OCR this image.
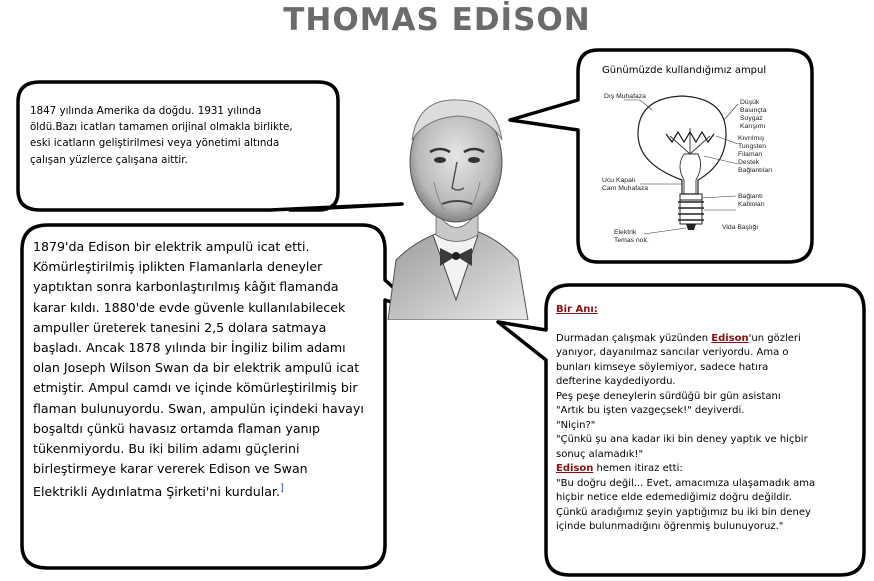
THOMAS EDİSON

1847 yılında Amerika da doğdu. 1931 yılında

öldü.Bazı icatları tamamen orijinal olmakla birlikte,

eski icatların geliştirilmesi veya yönetimi altında

çalışan yüzlerce çalışana aittir.

1879'da Edison bir elektrik ampulü icat etti.

Kömürleştirilmiş iplikten Flamanlarla deneyler

yaptıktan sonra karbonlaştırılmış kâğıt flamanda

karar kıldı. 1880'de evde güvenle kullanılabilecek

ampuller üreterek tanesini 2,5 dolara satmaya

başladı. Ancak 1878 yılında bir İngiliz bilim adamı

olan Joseph Wilson Swan da bir elektrik ampulü icat

etmiştir. Ampul camdı ve içinde kömürleştirilmiş bir

flaman bulunuyordu. Swan, ampulün içindeki havayı

boşaltdı çünkü havasız ortamda flaman yanıp

tükenmiyordu. Bu iki bilim adamı güçlerini

birleştirmeye karar vererek Edison ve Swan

Elektrikli Aydınlatma Şirketi'ni kurdular.]

Günümüzde kullandığımız ampul
Dış Muhafaza
Düşük
Basınçta
Soygaz
Karışımı
Kıvrılmış
Tungsten
Filaman
Destek
Bağlantıları
Ucu Kapalı
Cam Muhafaza
Bağlantı
Kabloları
Vida Başlığı
Elektrik
Temas nok.

Bir Anı:

Durmadan çalışmak yüzünden Edison'un gözleri

yanıyor, dayanılmaz sancılar veriyordu. Ama o

bunları kimseye söylemiyor, sadece hatıra

defterine kaydediyordu.

Peş peşe deneylerin sürdüğü bir gün asistanı

"Artık bu işten vazgeçsek!" deyiverdi.

"Niçin?"

"Çünkü şu ana kadar iki bin deney yaptık ve hiçbir

sonuç alamadık!"

Edison hemen itiraz etti:

"Bu doğru değil... Evet, amacımıza ulaşamadık ama

hiçbir netice elde edemediğimiz doğru değildir.

Çünkü aradığımız şeyin yaptığımız bu iki bin deney

içinde bulunmadığını öğrenmiş bulunuyoruz."
